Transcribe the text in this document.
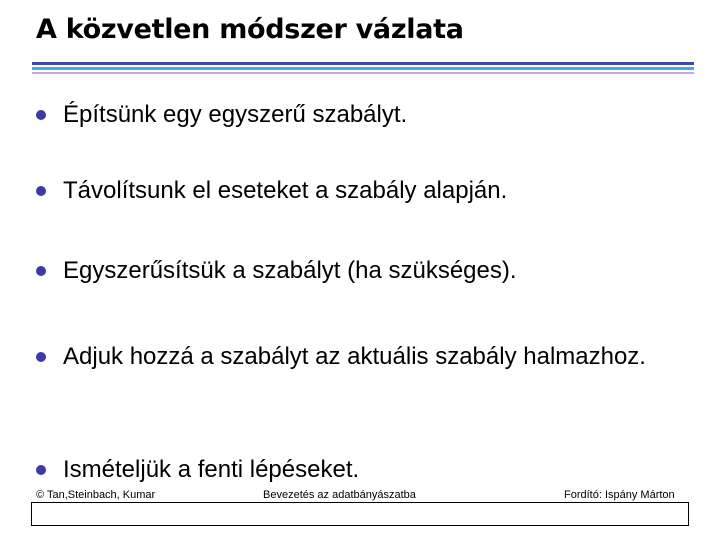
A közvetlen módszer vázlata
Építsünk egy egyszerű szabályt.
Távolítsunk el eseteket a szabály alapján.
Egyszerűsítsük a szabályt (ha szükséges).
Adjuk hozzá a szabályt az aktuális szabály halmazhoz.
Ismételjük a fenti lépéseket.
© Tan,Steinbach, Kumar	Bevezetés az adatbányászatba	Fordító: Ispány Márton
